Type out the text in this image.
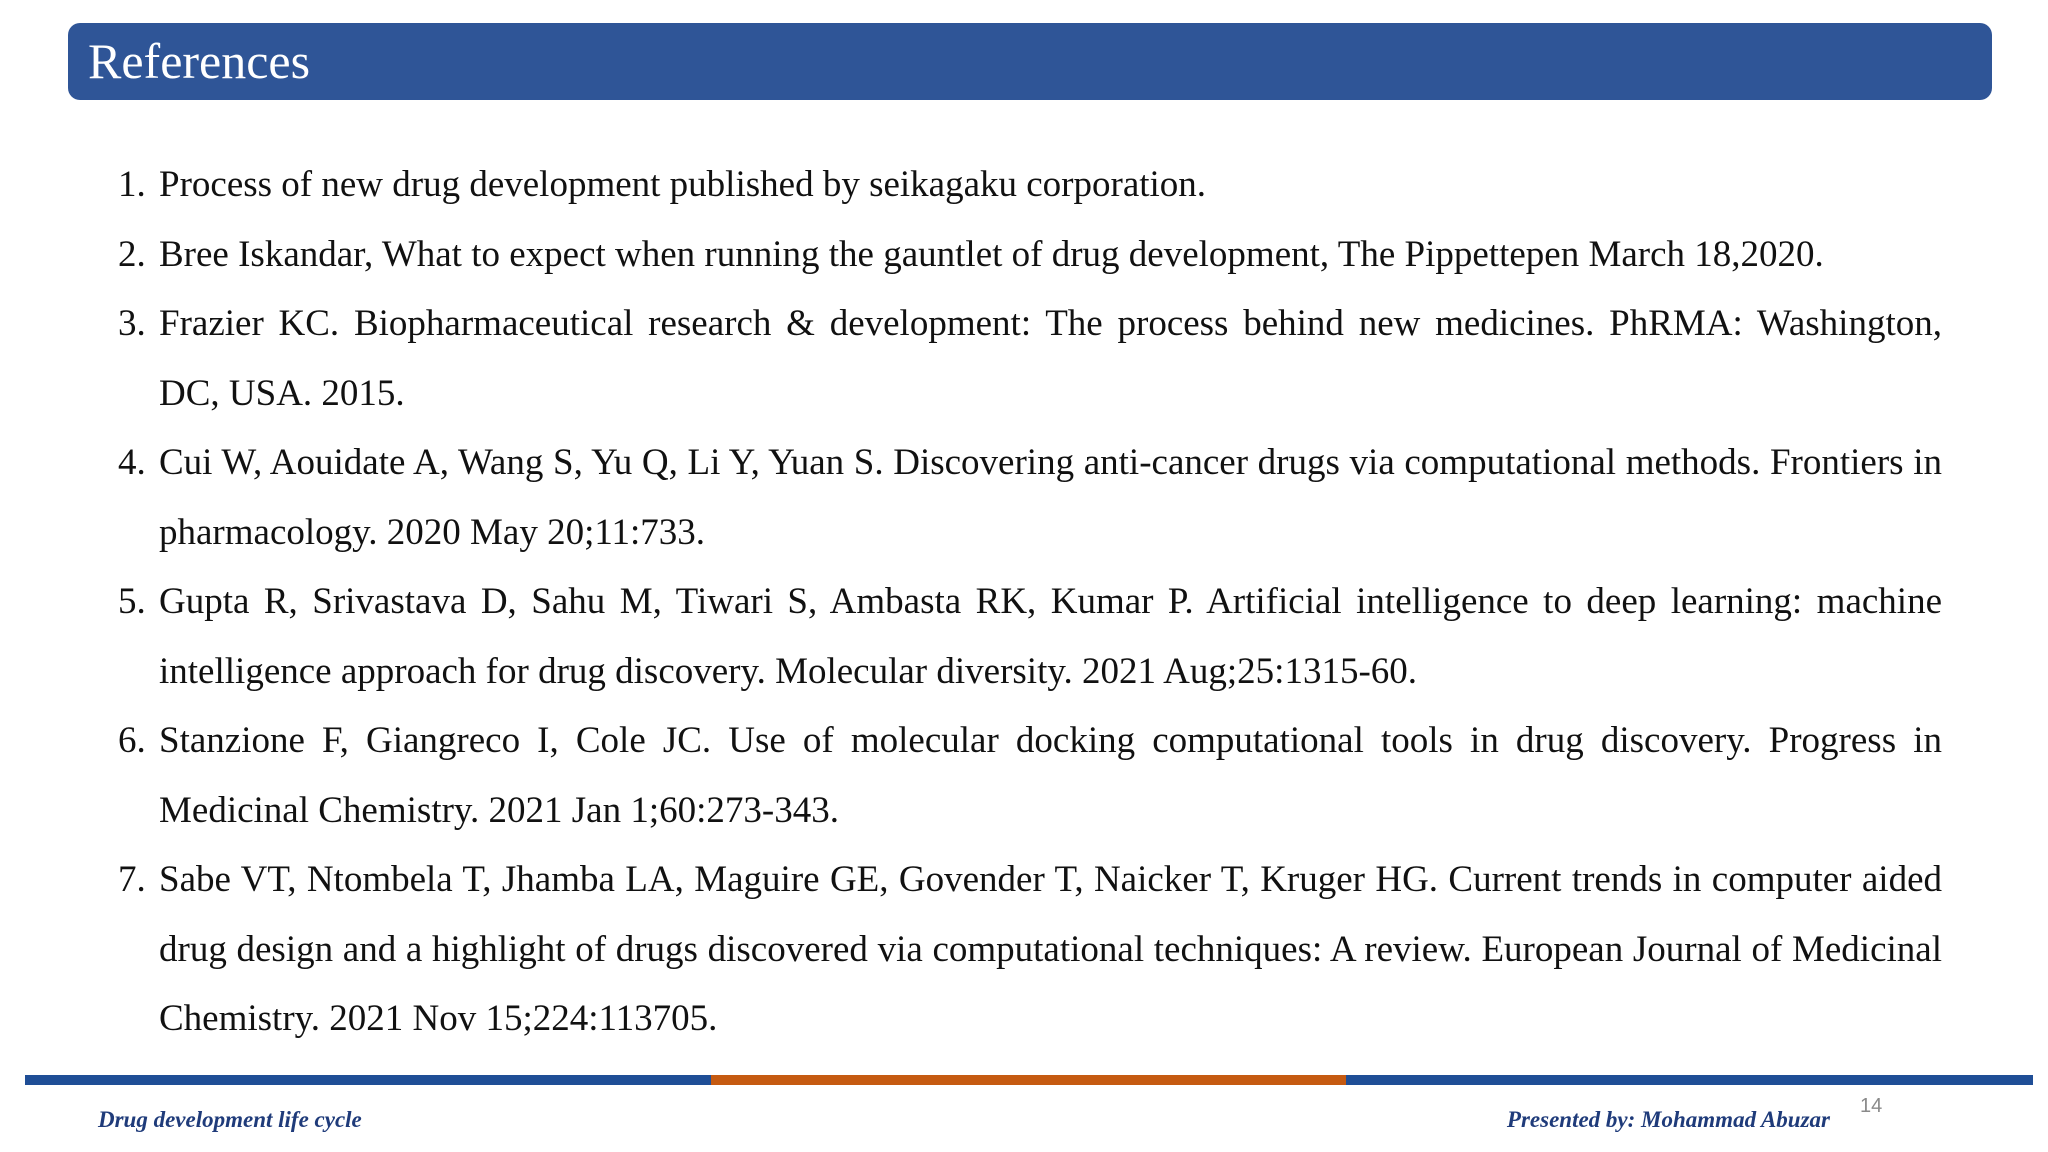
References
1. Process of new drug development published by seikagaku corporation.
2. Bree Iskandar, What to expect when running the gauntlet of drug development, The Pippettepen March 18,2020.
3. Frazier KC. Biopharmaceutical research & development: The process behind new medicines. PhRMA: Washington, DC, USA. 2015.
4. Cui W, Aouidate A, Wang S, Yu Q, Li Y, Yuan S. Discovering anti-cancer drugs via computational methods. Frontiers in pharmacology. 2020 May 20;11:733.
5. Gupta R, Srivastava D, Sahu M, Tiwari S, Ambasta RK, Kumar P. Artificial intelligence to deep learning: machine intelligence approach for drug discovery. Molecular diversity. 2021 Aug;25:1315-60.
6. Stanzione F, Giangreco I, Cole JC. Use of molecular docking computational tools in drug discovery. Progress in Medicinal Chemistry. 2021 Jan 1;60:273-343.
7. Sabe VT, Ntombela T, Jhamba LA, Maguire GE, Govender T, Naicker T, Kruger HG. Current trends in computer aided drug design and a highlight of drugs discovered via computational techniques: A review. European Journal of Medicinal Chemistry. 2021 Nov 15;224:113705.
Drug development life cycle	Presented by: Mohammad Abuzar
14
